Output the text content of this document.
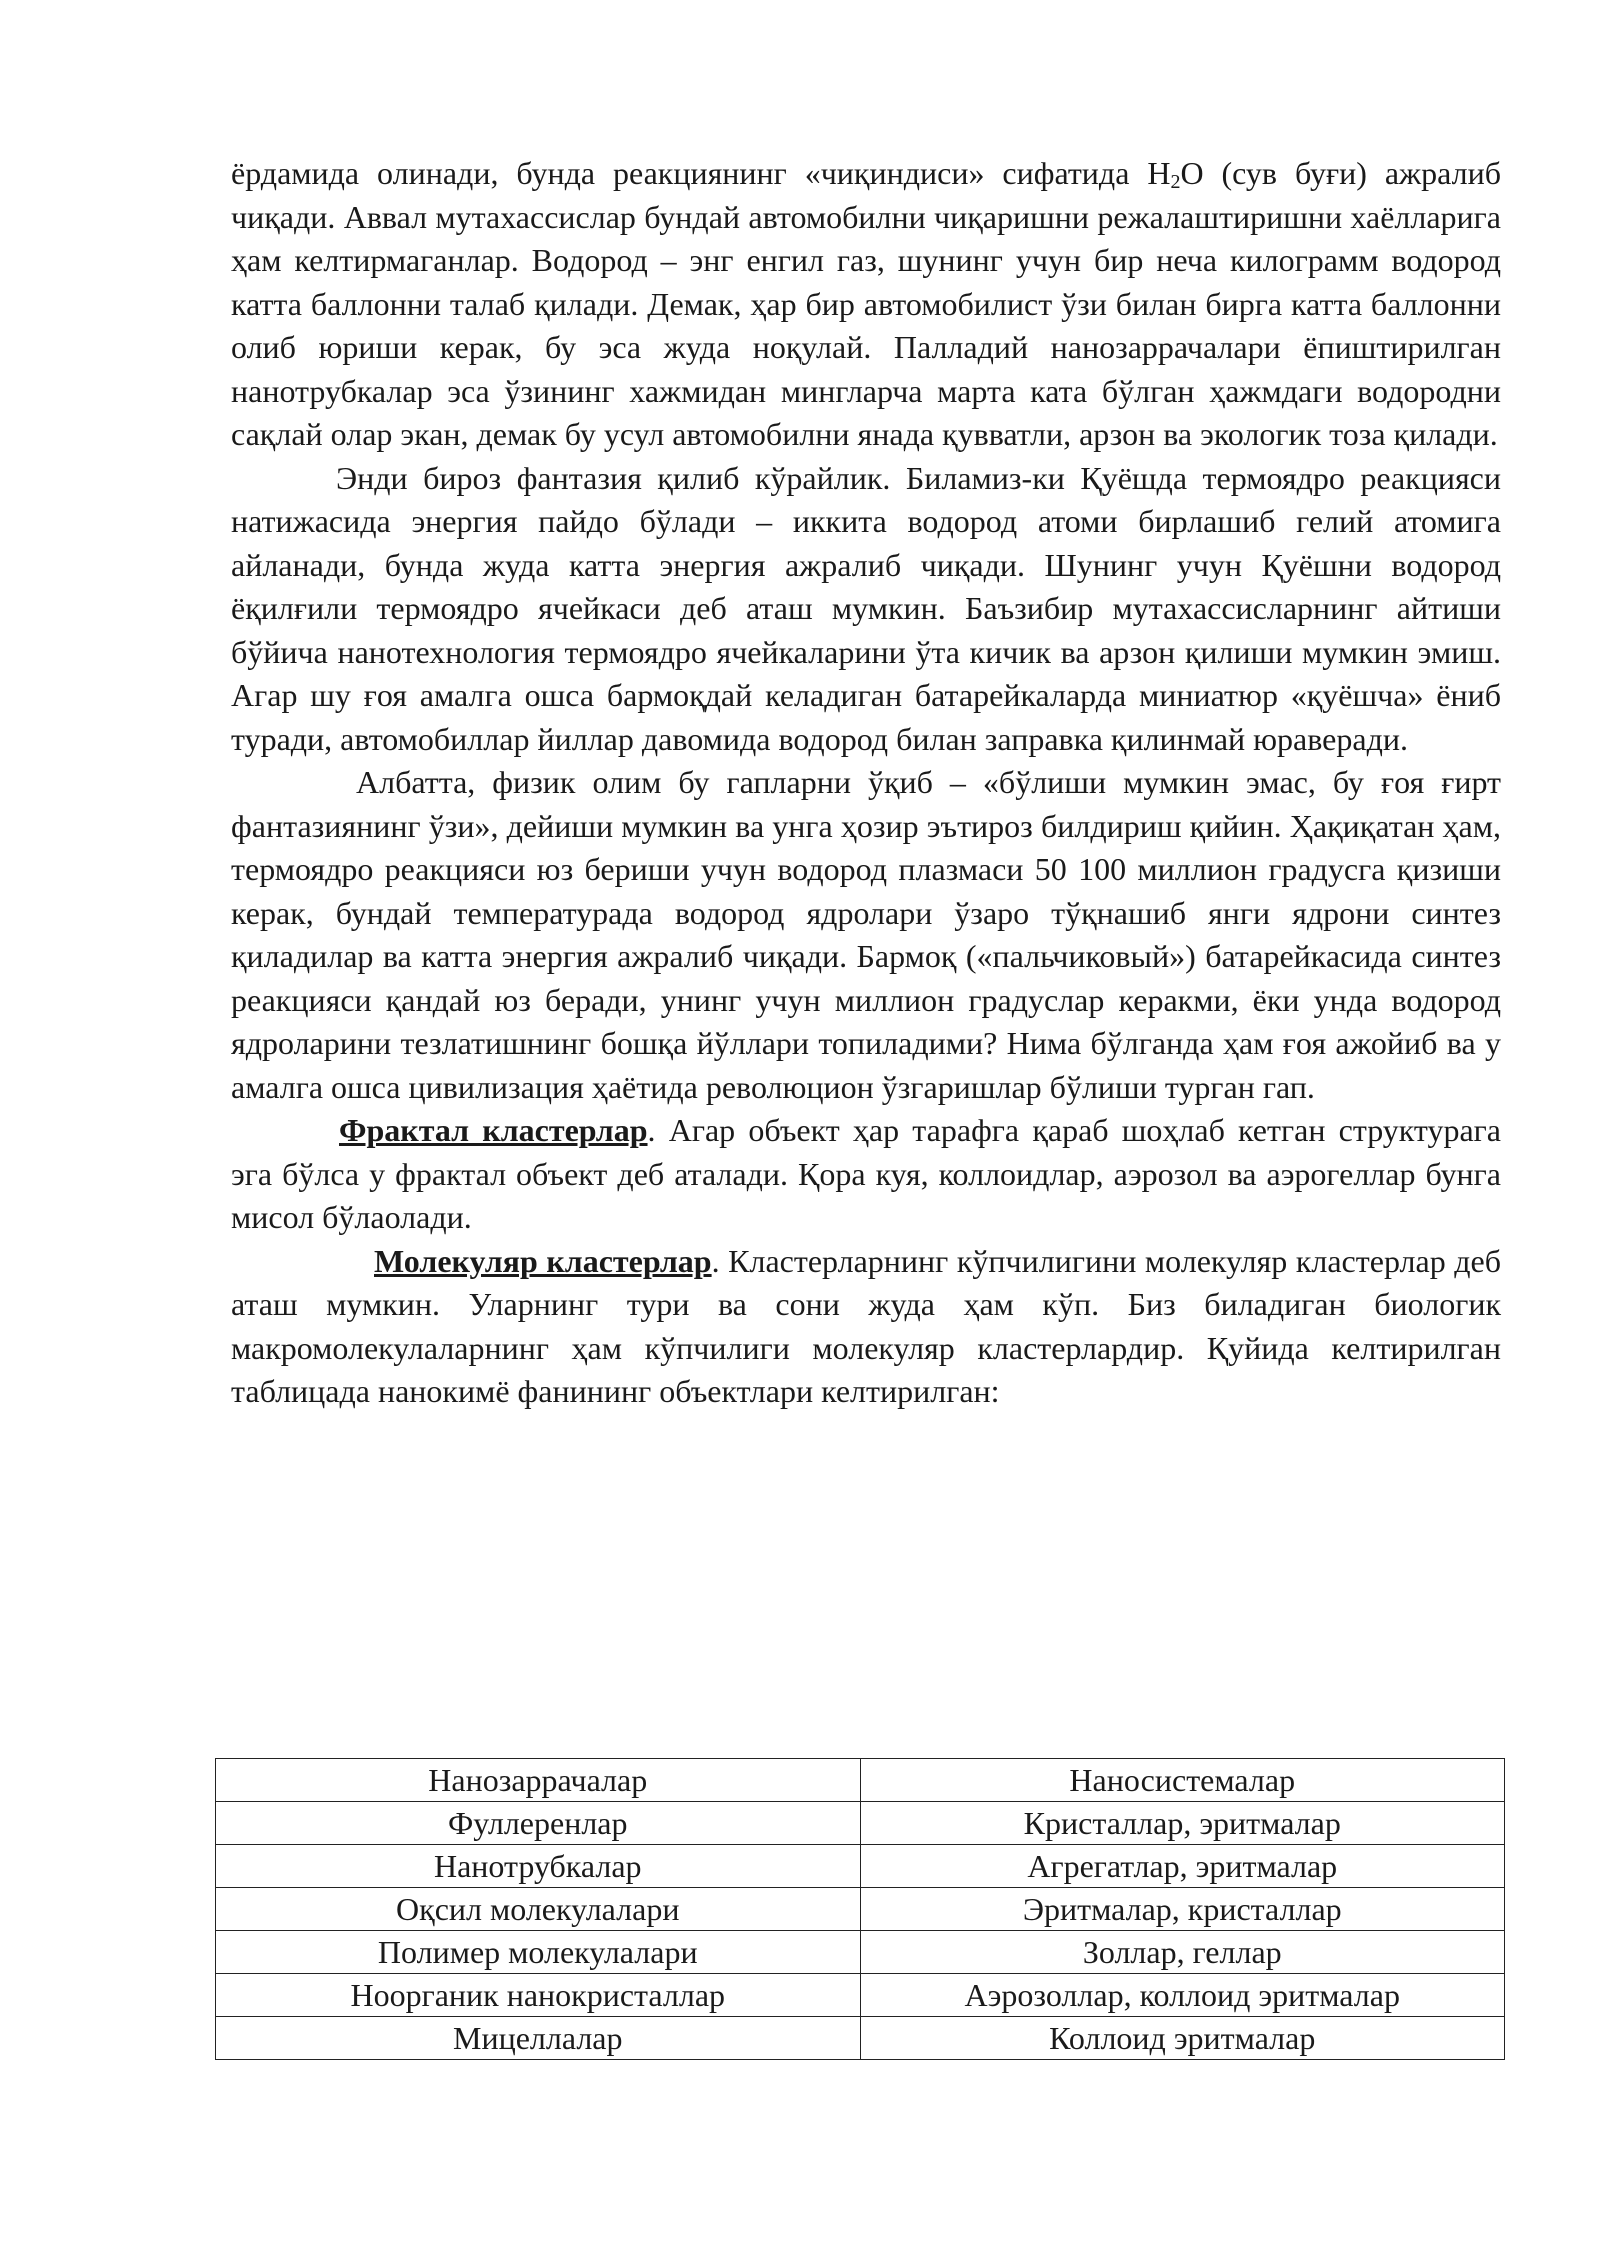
ёрдамида олинади, бунда реакциянинг «чиқиндиси» сифатида $H_2O$ (сув буғи) ажралиб чиқади. Аввал мутахассислар бундай автомобилни чиқаришни режалаштиришни хаёлларига ҳам келтирмаганлар. Водород – энг енгил газ, шунинг учун бир неча килограмм водород катта баллонни талаб қилади. Демак, ҳар бир автомобилист ўзи билан бирга катта баллонни олиб юриши керак, бу эса жуда ноқулай. Палладий нанозаррачалари ёпиштирилган нанотрубкалар эса ўзининг хажмидан мингларча марта ката бўлган ҳажмдаги водородни сақлай олар экан, демак бу усул автомобилни янада қувватли, арзон ва экологик тоза қилади.

Энди бироз фантазия қилиб кўрайлик. Биламиз-ки Қуёшда термоядро реакцияси натижасида энергия пайдо бўлади – иккита водород атоми бирлашиб гелий атомига айланади, бунда жуда катта энергия ажралиб чиқади. Шунинг учун Қуёшни водород ёқилғили термоядро ячейкаси деб аташ мумкин. Баъзибир мутахассисларнинг айтиши бўйича нанотехнология термоядро ячейкаларини ўта кичик ва арзон қилиши мумкин эмиш. Агар шу ғоя амалга ошса бармоқдай келадиган батарейкаларда миниатюр «қуёшча» ёниб туради, автомобиллар йиллар давомида водород билан заправка қилинмай юраверади.

Албатта, физик олим бу гапларни ўқиб – «бўлиши мумкин эмас, бу ғоя ғирт фантазиянинг ўзи», дейиши мумкин ва унга ҳозир эътироз билдириш қийин. Ҳақиқатан ҳам, термоядро реакцияси юз бериши учун водород плазмаси 50 100 миллион градусга қизиши керак, бундай температурада водород ядролари ўзаро тўқнашиб янги ядрони синтез қиладилар ва катта энергия ажралиб чиқади. Бармоқ («пальчиковый») батарейкасида синтез реакцияси қандай юз беради, унинг учун миллион градуслар керакми, ёки унда водород ядроларини тезлатишнинг бошқа йўллари топиладими? Нима бўлганда ҳам ғоя ажойиб ва у амалга ошса цивилизация ҳаётида революцион ўзгаришлар бўлиши турган гап.

Фрактал кластерлар. Агар объект ҳар тарафга қараб шоҳлаб кетган структурага эга бўлса у фрактал объект деб аталади. Қора куя, коллоидлар, аэрозол ва аэрогеллар бунга мисол бўлаолади.

Молекуляр кластерлар. Кластерларнинг кўпчилигини молекуляр кластерлар деб аташ мумкин. Уларнинг тури ва сони жуда ҳам кўп. Биз биладиган биологик макромолекулаларнинг ҳам кўпчилиги молекуляр кластерлардир. Қуйида келтирилган таблицада нанокимё фанининг объектлари келтирилган:

Нанозаррачалар	Наносистемалар
Фуллеренлар	Кристаллар, эритмалар
Нанотрубкалар	Агрегатлар, эритмалар
Оқсил молекулалари	Эритмалар, кристаллар
Полимер молекулалари	Золлар, геллар
Ноорганик нанокристаллар	Аэрозоллар, коллоид эритмалар
Мицеллалар	Коллоид эритмалар
